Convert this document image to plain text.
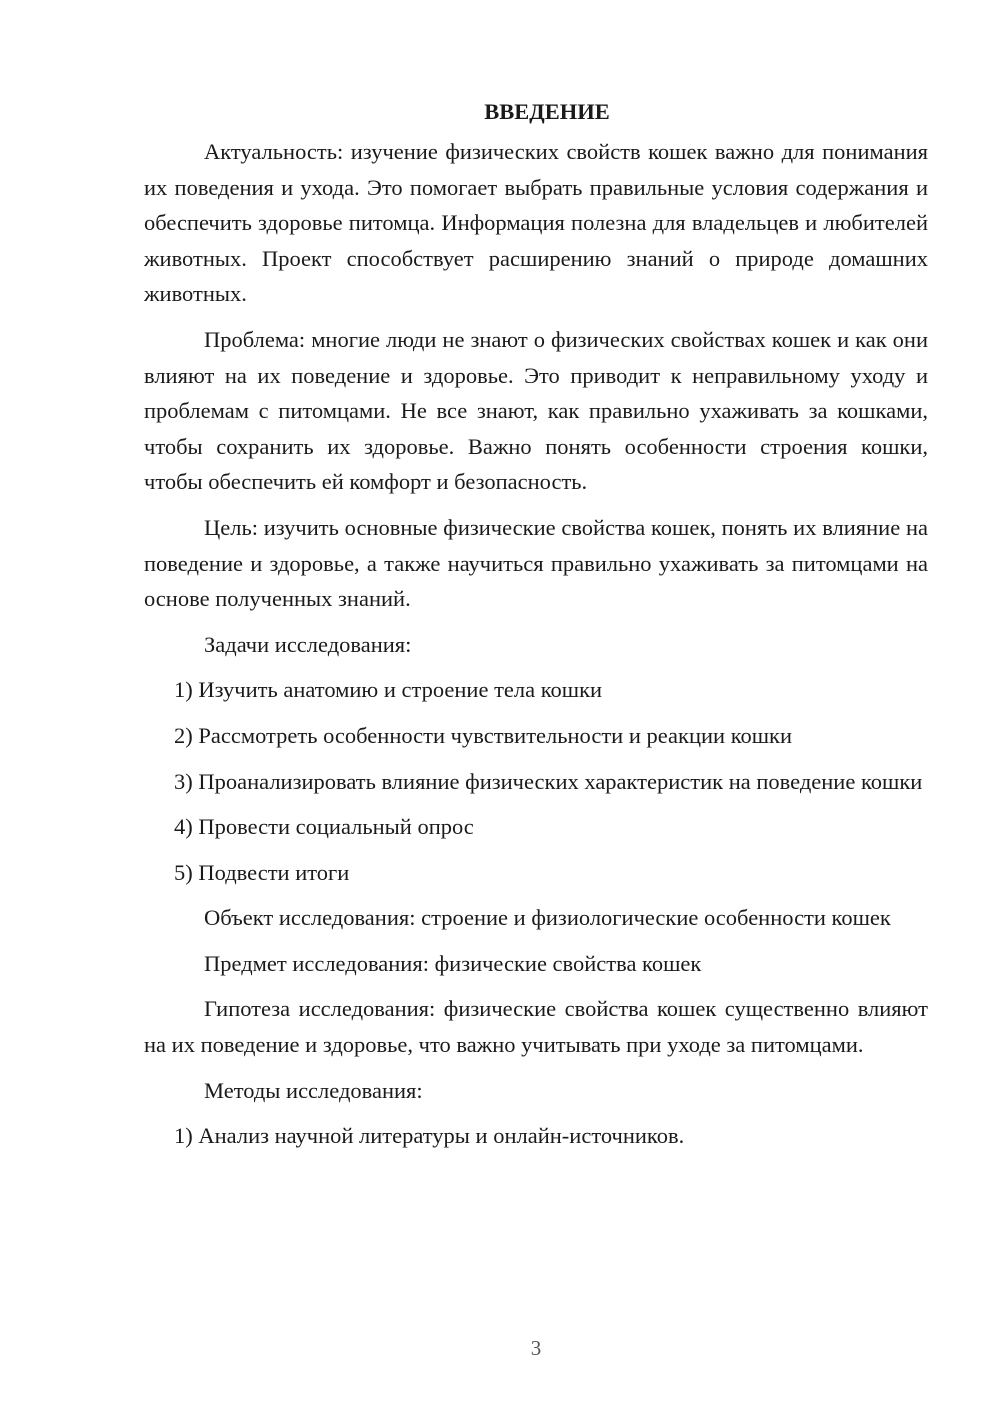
ВВЕДЕНИЕ

Актуальность: изучение физических свойств кошек важно для понимания их поведения и ухода. Это помогает выбрать правильные условия содержания и обеспечить здоровье питомца. Информация полезна для владельцев и любителей животных. Проект способствует расширению знаний о природе домашних животных.

Проблема: многие люди не знают о физических свойствах кошек и как они влияют на их поведение и здоровье. Это приводит к неправильному уходу и проблемам с питомцами. Не все знают, как правильно ухаживать за кошками, чтобы сохранить их здоровье. Важно понять особенности строения кошки, чтобы обеспечить ей комфорт и безопасность.

Цель: изучить основные физические свойства кошек, понять их влияние на поведение и здоровье, а также научиться правильно ухаживать за питомцами на основе полученных знаний.

Задачи исследования:

1) Изучить анатомию и строение тела кошки

2) Рассмотреть особенности чувствительности и реакции кошки

3) Проанализировать влияние физических характеристик на поведение кошки

4) Провести социальный опрос

5) Подвести итоги

Объект исследования: строение и физиологические особенности кошек

Предмет исследования: физические свойства кошек

Гипотеза исследования: физические свойства кошек существенно влияют на их поведение и здоровье, что важно учитывать при уходе за питомцами.

Методы исследования:

1) Анализ научной литературы и онлайн-источников.

3
